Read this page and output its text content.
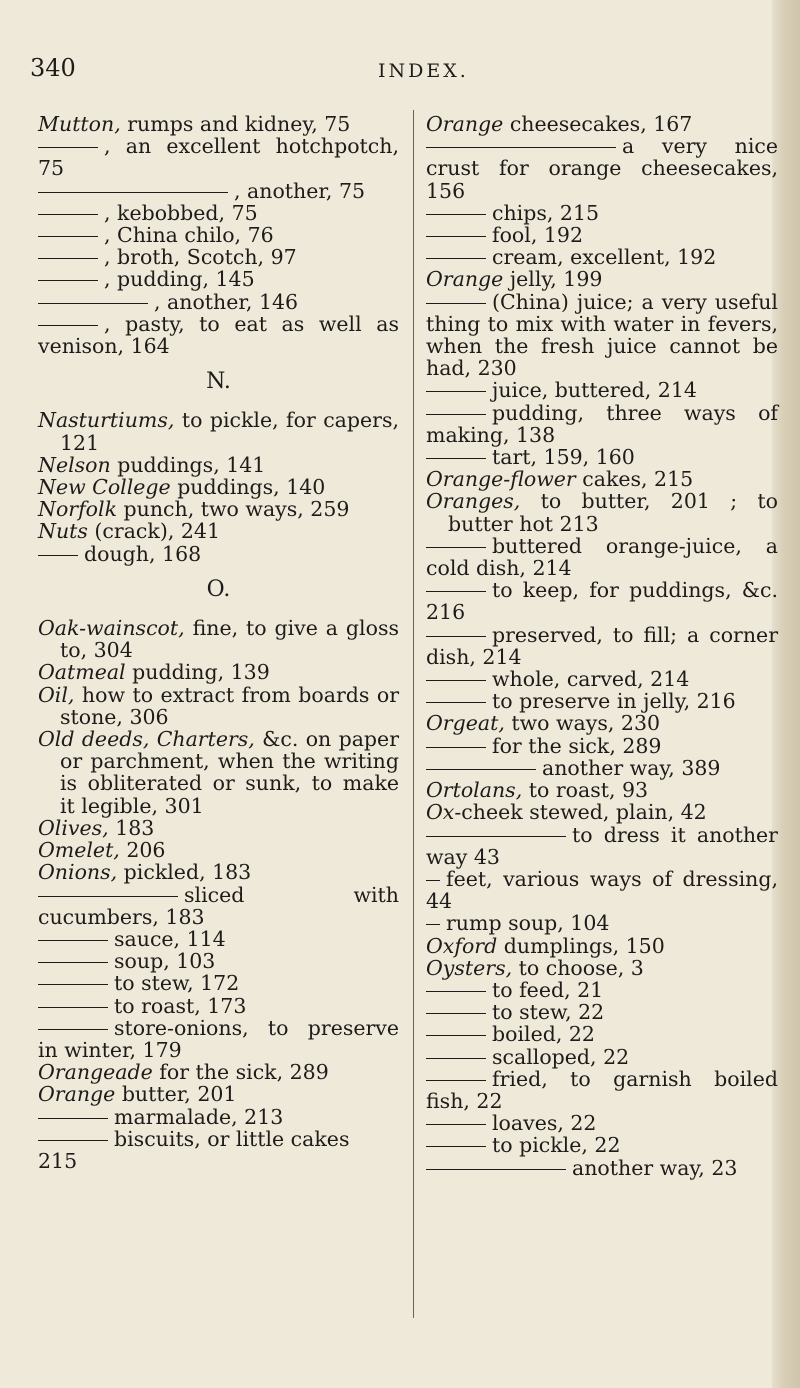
340	INDEX.

Mutton, rumps and kidney, 75

, an excellent hotchpotch, 75

, another, 75

, kebobbed, 75

, China chilo, 76

, broth, Scotch, 97

, pudding, 145

, another, 146

, pasty, to eat as well as venison, 164

N.

Nasturtiums, to pickle, for capers, 121

Nelson puddings, 141

New College puddings, 140

Norfolk punch, two ways, 259

Nuts (crack), 241

dough, 168

O.

Oak-wainscot, fine, to give a gloss to, 304

Oatmeal pudding, 139

Oil, how to extract from boards or stone, 306

Old deeds, Charters, &c. on paper or parchment, when the writing is obliterated or sunk, to make it legible, 301

Olives, 183

Omelet, 206

Onions, pickled, 183

sliced with cucumbers, 183

sauce, 114

soup, 103

to stew, 172

to roast, 173

store-onions, to preserve in winter, 179

Orangeade for the sick, 289

Orange butter, 201

marmalade, 213

biscuits, or little cakes

215

Orange cheesecakes, 167

a very nice crust for orange cheesecakes, 156

chips, 215

fool, 192

cream, excellent, 192

Orange jelly, 199

(China) juice; a very useful thing to mix with water in fevers, when the fresh juice cannot be had, 230

juice, buttered, 214

pudding, three ways of making, 138

tart, 159, 160

Orange-flower cakes, 215

Oranges, to butter, 201 ; to butter hot 213

buttered orange-juice, a cold dish, 214

to keep, for puddings, &c. 216

preserved, to fill; a corner dish, 214

whole, carved, 214

to preserve in jelly, 216

Orgeat, two ways, 230

for the sick, 289

another way, 389

Ortolans, to roast, 93

Ox-cheek stewed, plain, 42

to dress it another way 43

feet, various ways of dressing, 44

rump soup, 104

Oxford dumplings, 150

Oysters, to choose, 3

to feed, 21

to stew, 22

boiled, 22

scalloped, 22

fried, to garnish boiled fish, 22

loaves, 22

to pickle, 22

another way, 23
